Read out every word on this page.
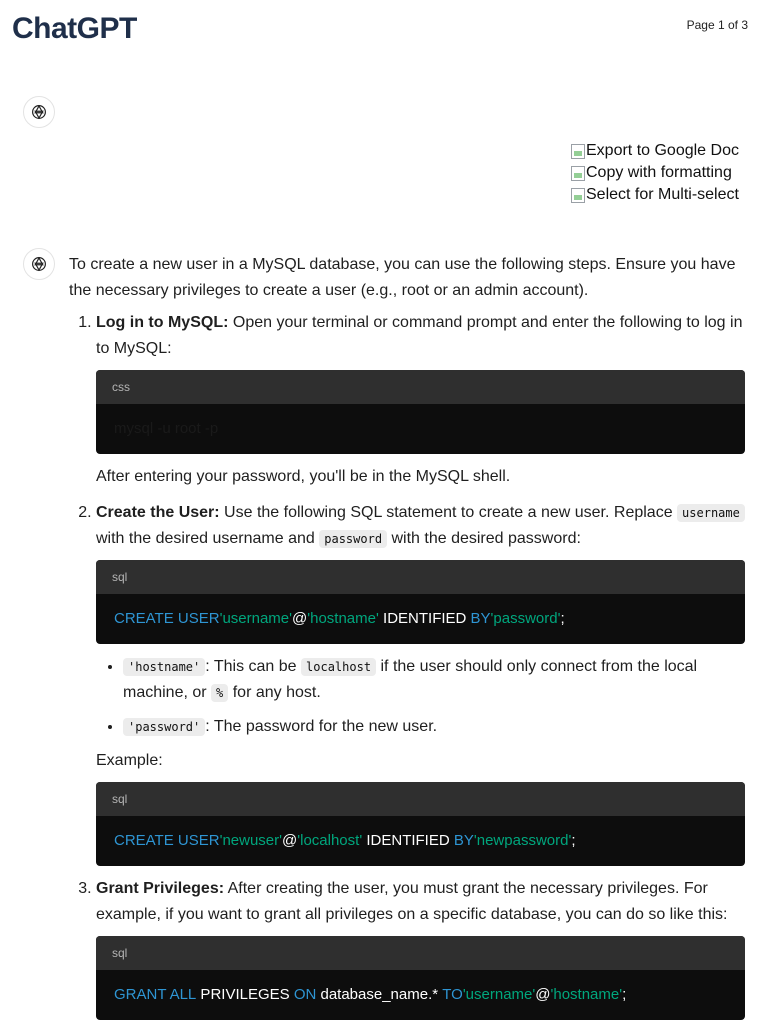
ChatGPT	Page 1 of 3
Export to Google Doc
Copy with formatting
Select for Multi-select

To create a new user in a MySQL database, you can use the following steps. Ensure you have the necessary privileges to create a user (e.g., root or an admin account).

1. Log in to MySQL: Open your terminal or command prompt and enter the following to log in to MySQL:
css
mysql -u root -p

After entering your password, you'll be in the MySQL shell.

2. Create the User: Use the following SQL statement to create a new user. Replace username with the desired username and password with the desired password:
sql
CREATE USER 'username' @ 'hostname' IDENTIFIED BY 'password' ;
• 'hostname' : This can be localhost if the user should only connect from the local machine, or % for any host.
• 'password' : The password for the new user.

Example:

sql
CREATE USER 'newuser' @ 'localhost' IDENTIFIED BY 'newpassword' ;
3. Grant Privileges: After creating the user, you must grant the necessary privileges. For example, if you want to grant all privileges on a specific database, you can do so like this:
sql
GRANT ALL PRIVILEGES ON database_name.* TO 'username' @ 'hostname' ;
